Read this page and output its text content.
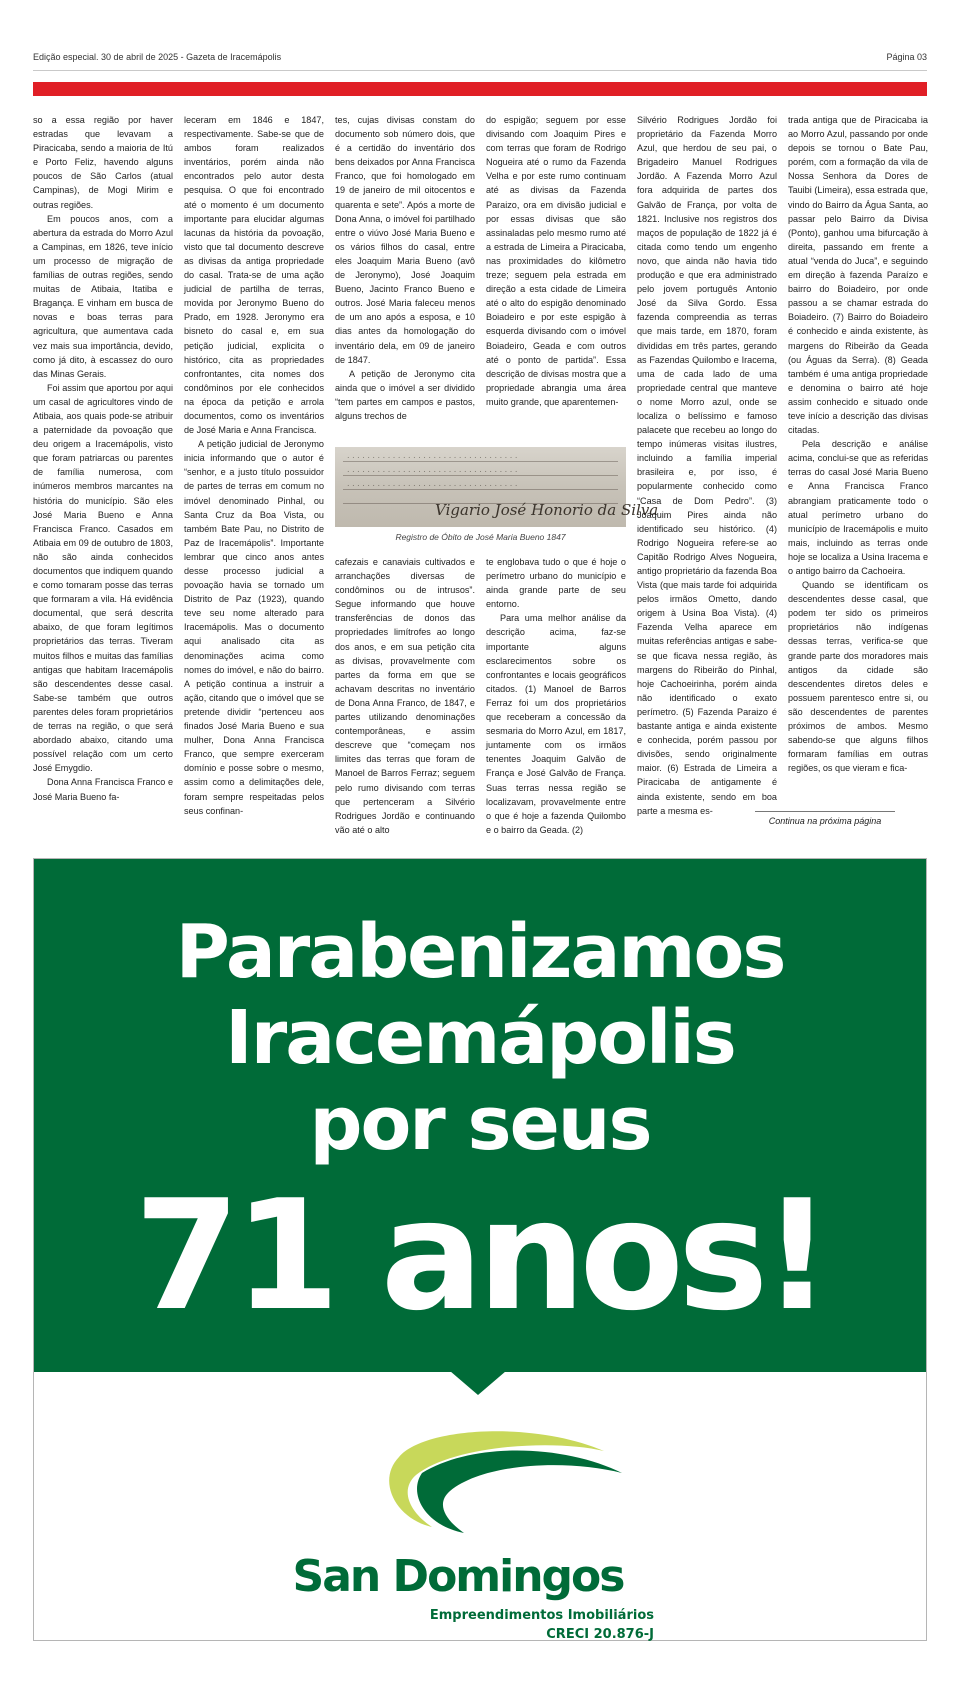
Edição especial. 30 de abril de 2025 - Gazeta de Iracemápolis	Página 03

so a essa região por haver estradas que levavam a Piracicaba, sendo a maioria de Itú e Porto Feliz, havendo alguns poucos de São Carlos (atual Campinas), de Mogi Mirim e outras regiões.

Em poucos anos, com a abertura da estrada do Morro Azul a Campinas, em 1826, teve início um processo de migração de famílias de outras regiões, sendo muitas de Atibaia, Itatiba e Bragança. E vinham em busca de novas e boas terras para agricultura, que aumentava cada vez mais sua importância, devido, como já dito, à escassez do ouro das Minas Gerais.

Foi assim que aportou por aqui um casal de agricultores vindo de Atibaia, aos quais pode-se atribuir a paternidade da povoação que deu origem a Iracemápolis, visto que foram patriarcas ou parentes de família numerosa, com inúmeros membros marcantes na história do município. São eles José Maria Bueno e Anna Francisca Franco. Casados em Atibaia em 09 de outubro de 1803, não são ainda conhecidos documentos que indiquem quando e como tomaram posse das terras que formaram a vila. Há evidência documental, que será descrita abaixo, de que foram legítimos proprietários das terras. Tiveram muitos filhos e muitas das famílias antigas que habitam Iracemápolis são descendentes desse casal. Sabe-se também que outros parentes deles foram proprietários de terras na região, o que será abordado abaixo, citando uma possível relação com um certo José Emygdio.

Dona Anna Francisca Franco e José Maria Bueno fa-

leceram em 1846 e 1847, respectivamente. Sabe-se que de ambos foram realizados inventários, porém ainda não encontrados pelo autor desta pesquisa. O que foi encontrado até o momento é um documento importante para elucidar algumas lacunas da história da povoação, visto que tal documento descreve as divisas da antiga propriedade do casal. Trata-se de uma ação judicial de partilha de terras, movida por Jeronymo Bueno do Prado, em 1928. Jeronymo era bisneto do casal e, em sua petição judicial, explicita o histórico, cita as propriedades confrontantes, cita nomes dos condôminos por ele conhecidos na época da petição e arrola documentos, como os inventários de José Maria e Anna Francisca.

A petição judicial de Jeronymo inicia informando que o autor é “senhor, e a justo título possuidor de partes de terras em comum no imóvel denominado Pinhal, ou Santa Cruz da Boa Vista, ou também Bate Pau, no Distrito de Paz de Iracemápolis”. Importante lembrar que cinco anos antes desse processo judicial a povoação havia se tornado um Distrito de Paz (1923), quando teve seu nome alterado para Iracemápolis. Mas o documento aqui analisado cita as denominações acima como nomes do imóvel, e não do bairro. A petição continua a instruir a ação, citando que o imóvel que se pretende dividir “pertenceu aos finados José Maria Bueno e sua mulher, Dona Anna Francisca Franco, que sempre exerceram domínio e posse sobre o mesmo, assim como a delimitações dele, foram sempre respeitadas pelos seus confinan-

tes, cujas divisas constam do documento sob número dois, que é a certidão do inventário dos bens deixados por Anna Francisca Franco, que foi homologado em 19 de janeiro de mil oitocentos e quarenta e sete”. Após a morte de Dona Anna, o imóvel foi partilhado entre o viúvo José Maria Bueno e os vários filhos do casal, entre eles Joaquim Maria Bueno (avô de Jeronymo), José Joaquim Bueno, Jacinto Franco Bueno e outros. José Maria faleceu menos de um ano após a esposa, e 10 dias antes da homologação do inventário dela, em 09 de janeiro de 1847.

A petição de Jeronymo cita ainda que o imóvel a ser dividido “tem partes em campos e pastos, alguns trechos de

do espigão; seguem por esse divisando com Joaquim Pires e com terras que foram de Rodrigo Nogueira até o rumo da Fazenda Velha e por este rumo continuam até as divisas da Fazenda Paraizo, ora em divisão judicial e por essas divisas que são assinaladas pelo mesmo rumo até a estrada de Limeira a Piracicaba, nas proximidades do kilômetro treze; seguem pela estrada em direção a esta cidade de Limeira até o alto do espigão denominado Boiadeiro e por este espigão à esquerda divisando com o imóvel Boiadeiro, Geada e com outros até o ponto de partida”. Essa descrição de divisas mostra que a propriedade abrangia uma área muito grande, que aparentemen-

. . . . . . . . . . . . . . . . . . . . . . . . . . . . . . . . . .
. . . . . . . . . . . . . . . . . . . . . . . . . . . . . . . . . .
. . . . . . . . . . . . . . . . . . . . . . . . . . . . . . . . . .
Vigario José Honorio da Silva
Registro de Óbito de José Maria Bueno 1847

cafezais e canaviais cultivados e arranchações diversas de condôminos ou de intrusos”. Segue informando que houve transferências de donos das propriedades limítrofes ao longo dos anos, e em sua petição cita as divisas, provavelmente com partes da forma em que se achavam descritas no inventário de Dona Anna Franco, de 1847, e partes utilizando denominações contemporâneas, e assim descreve que “começam nos limites das terras que foram de Manoel de Barros Ferraz; seguem pelo rumo divisando com terras que pertenceram a Silvério Rodrigues Jordão e continuando vão até o alto

te englobava tudo o que é hoje o perímetro urbano do município e ainda grande parte de seu entorno.

Para uma melhor análise da descrição acima, faz-se importante alguns esclarecimentos sobre os confrontantes e locais geográficos citados. (1) Manoel de Barros Ferraz foi um dos proprietários que receberam a concessão da sesmaria do Morro Azul, em 1817, juntamente com os irmãos tenentes Joaquim Galvão de França e José Galvão de França. Suas terras nessa região se localizavam, provavelmente entre o que é hoje a fazenda Quilombo e o bairro da Geada. (2)

Silvério Rodrigues Jordão foi proprietário da Fazenda Morro Azul, que herdou de seu pai, o Brigadeiro Manuel Rodrigues Jordão. A Fazenda Morro Azul fora adquirida de partes dos Galvão de França, por volta de 1821. Inclusive nos registros dos maços de população de 1822 já é citada como tendo um engenho novo, que ainda não havia tido produção e que era administrado pelo jovem português Antonio José da Silva Gordo. Essa fazenda compreendia as terras que mais tarde, em 1870, foram divididas em três partes, gerando as Fazendas Quilombo e Iracema, uma de cada lado de uma propriedade central que manteve o nome Morro azul, onde se localiza o belíssimo e famoso palacete que recebeu ao longo do tempo inúmeras visitas ilustres, incluindo a família imperial brasileira e, por isso, é popularmente conhecido como “Casa de Dom Pedro”. (3) Joaquim Pires ainda não identificado seu histórico. (4) Rodrigo Nogueira refere-se ao Capitão Rodrigo Alves Nogueira, antigo proprietário da fazenda Boa Vista (que mais tarde foi adquirida pelos irmãos Ometto, dando origem à Usina Boa Vista). (4) Fazenda Velha aparece em muitas referências antigas e sabe-se que ficava nessa região, às margens do Ribeirão do Pinhal, hoje Cachoeirinha, porém ainda não identificado o exato perímetro. (5) Fazenda Paraizo é bastante antiga e ainda existente e conhecida, porém passou por divisões, sendo originalmente maior. (6) Estrada de Limeira a Piracicaba de antigamente é ainda existente, sendo em boa parte a mesma es-

trada antiga que de Piracicaba ia ao Morro Azul, passando por onde depois se tornou o Bate Pau, porém, com a formação da vila de Nossa Senhora da Dores de Tauibi (Limeira), essa estrada que, vindo do Bairro da Água Santa, ao passar pelo Bairro da Divisa (Ponto), ganhou uma bifurcação à direita, passando em frente a atual “venda do Juca”, e seguindo em direção à fazenda Paraízo e bairro do Boiadeiro, por onde passou a se chamar estrada do Boiadeiro. (7) Bairro do Boiadeiro é conhecido e ainda existente, às margens do Ribeirão da Geada (ou Águas da Serra). (8) Geada também é uma antiga propriedade e denomina o bairro até hoje assim conhecido e situado onde teve início a descrição das divisas citadas.

Pela descrição e análise acima, conclui-se que as referidas terras do casal José Maria Bueno e Anna Francisca Franco abrangiam praticamente todo o atual perímetro urbano do município de Iracemápolis e muito mais, incluindo as terras onde hoje se localiza a Usina Iracema e o antigo bairro da Cachoeira.

Quando se identificam os descendentes desse casal, que podem ter sido os primeiros proprietários não indígenas dessas terras, verifica-se que grande parte dos moradores mais antigos da cidade são descendentes diretos deles e possuem parentesco entre si, ou são descendentes de parentes próximos de ambos. Mesmo sabendo-se que alguns filhos formaram famílias em outras regiões, os que vieram e fica-

Continua na próxima página
Parabenizamos
Iracemápolis
por seus
71 anos!
San Domingos
Empreendimentos Imobiliários
CRECI 20.876-J
